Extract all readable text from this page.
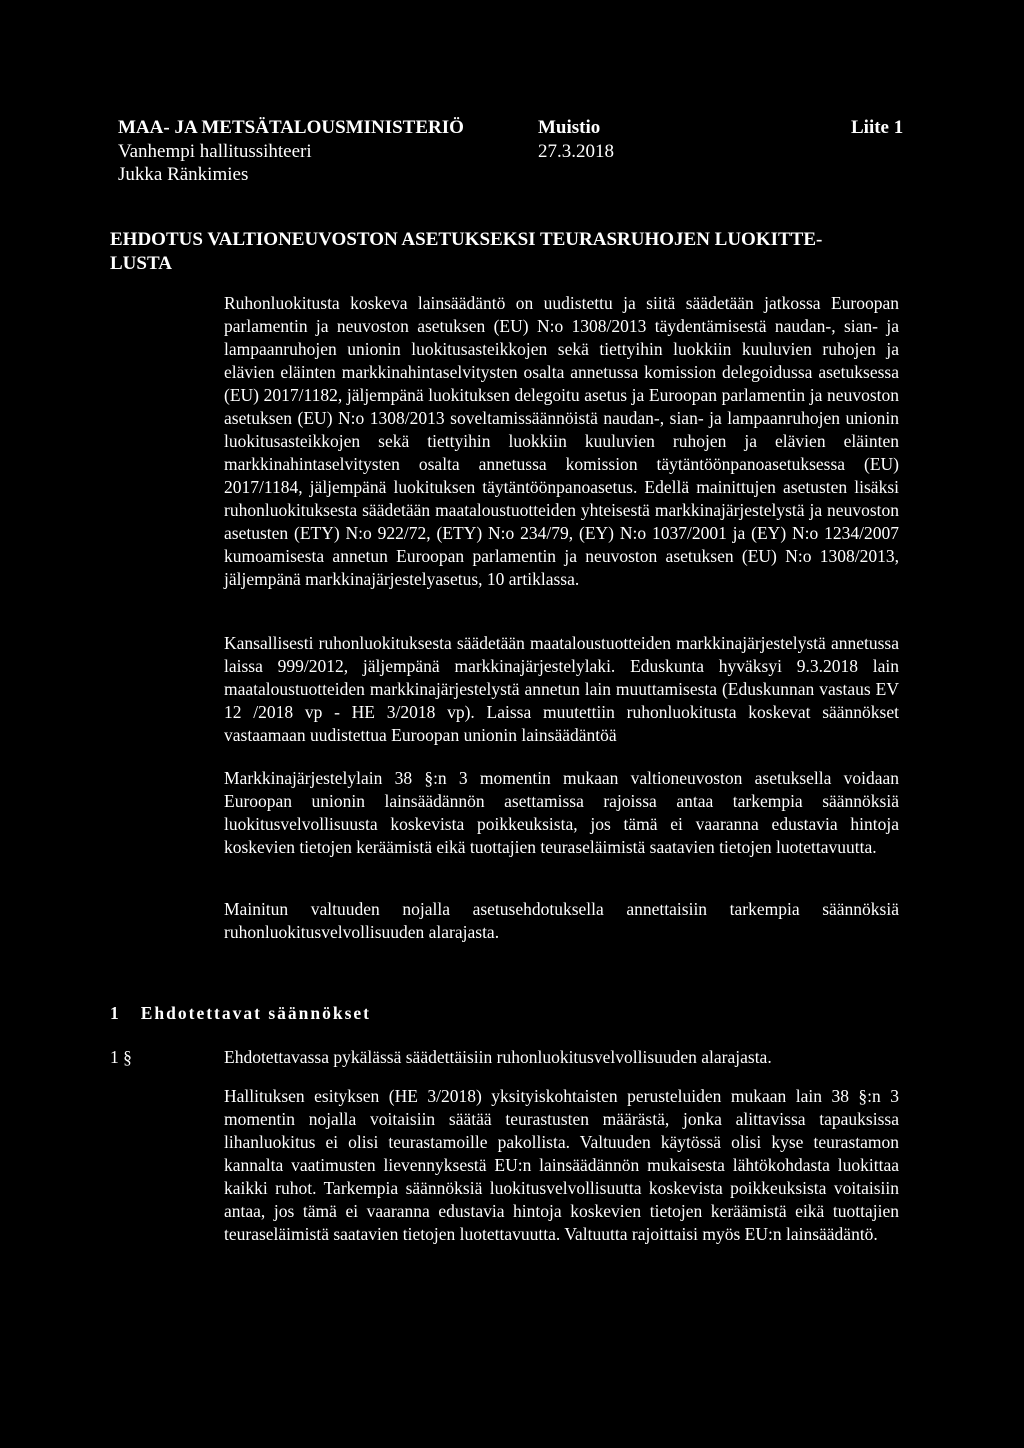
MAA- JA METSÄTALOUSMINISTERIÖ
Vanhempi hallitussihteeri
Jukka Ränkimies
Muistio
27.3.2018
Liite 1
EHDOTUS VALTIONEUVOSTON ASETUKSEKSI TEURASRUHOJEN LUOKITTELUSTA

Ruhonluokitusta koskeva lainsäädäntö on uudistettu ja siitä säädetään jatkossa Euroopan parlamentin ja neuvoston asetuksen (EU) N:o 1308/2013 täydentämisestä naudan-, sian- ja lampaanruhojen unionin luokitusasteikkojen sekä tiettyihin luokkiin kuuluvien ruhojen ja elävien eläinten markkinahintaselvitysten osalta annetussa komission delegoidussa asetuksessa (EU) 2017/1182, jäljempänä luokituksen delegoitu asetus ja Euroopan parlamentin ja neuvoston asetuksen (EU) N:o 1308/2013 soveltamissäännöistä naudan-, sian- ja lampaanruhojen unionin luokitusasteikkojen sekä tiettyihin luokkiin kuuluvien ruhojen ja elävien eläinten markkinahintaselvitysten osalta annetussa komission täytäntöönpanoasetuksessa (EU) 2017/1184, jäljempänä luokituksen täytäntöönpanoasetus. Edellä mainittujen asetusten lisäksi ruhonluokituksesta säädetään maataloustuotteiden yhteisestä markkinajärjestelystä ja neuvoston asetusten (ETY) N:o 922/72, (ETY) N:o 234/79, (EY) N:o 1037/2001 ja (EY) N:o 1234/2007 kumoamisesta annetun Euroopan parlamentin ja neuvoston asetuksen (EU) N:o 1308/2013, jäljempänä markkinajärjestelyasetus, 10 artiklassa.

Kansallisesti ruhonluokituksesta säädetään maataloustuotteiden markkinajärjestelystä annetussa laissa 999/2012, jäljempänä markkinajärjestelylaki. Eduskunta hyväksyi 9.3.2018 lain maataloustuotteiden markkinajärjestelystä annetun lain muuttamisesta (Eduskunnan vastaus EV 12 /2018 vp - HE 3/2018 vp). Laissa muutettiin ruhonluokitusta koskevat säännökset vastaamaan uudistettua Euroopan unionin lainsäädäntöä

Markkinajärjestelylain 38 §:n 3 momentin mukaan valtioneuvoston asetuksella voidaan Euroopan unionin lainsäädännön asettamissa rajoissa antaa tarkempia säännöksiä luokitusvelvollisuusta koskevista poikkeuksista, jos tämä ei vaaranna edustavia hintoja koskevien tietojen keräämistä eikä tuottajien teuraseläimistä saatavien tietojen luotettavuutta.

Mainitun valtuuden nojalla asetusehdotuksella annettaisiin tarkempia säännöksiä ruhonluokitusvelvollisuuden alarajasta.

1 Ehdotettavat säännökset
1 §	Ehdotettavassa pykälässä säädettäisiin ruhonluokitusvelvollisuuden alarajasta.

Hallituksen esityksen (HE 3/2018) yksityiskohtaisten perusteluiden mukaan lain 38 §:n 3 momentin nojalla voitaisiin säätää teurastusten määrästä, jonka alittavissa tapauksissa lihanluokitus ei olisi teurastamoille pakollista. Valtuuden käytössä olisi kyse teurastamon kannalta vaatimusten lievennyksestä EU:n lainsäädännön mukaisesta lähtökohdasta luokittaa kaikki ruhot. Tarkempia säännöksiä luokitusvelvollisuutta koskevista poikkeuksista voitaisiin antaa, jos tämä ei vaaranna edustavia hintoja koskevien tietojen keräämistä eikä tuottajien teuraseläimistä saatavien tietojen luotettavuutta. Valtuutta rajoittaisi myös EU:n lainsäädäntö.
